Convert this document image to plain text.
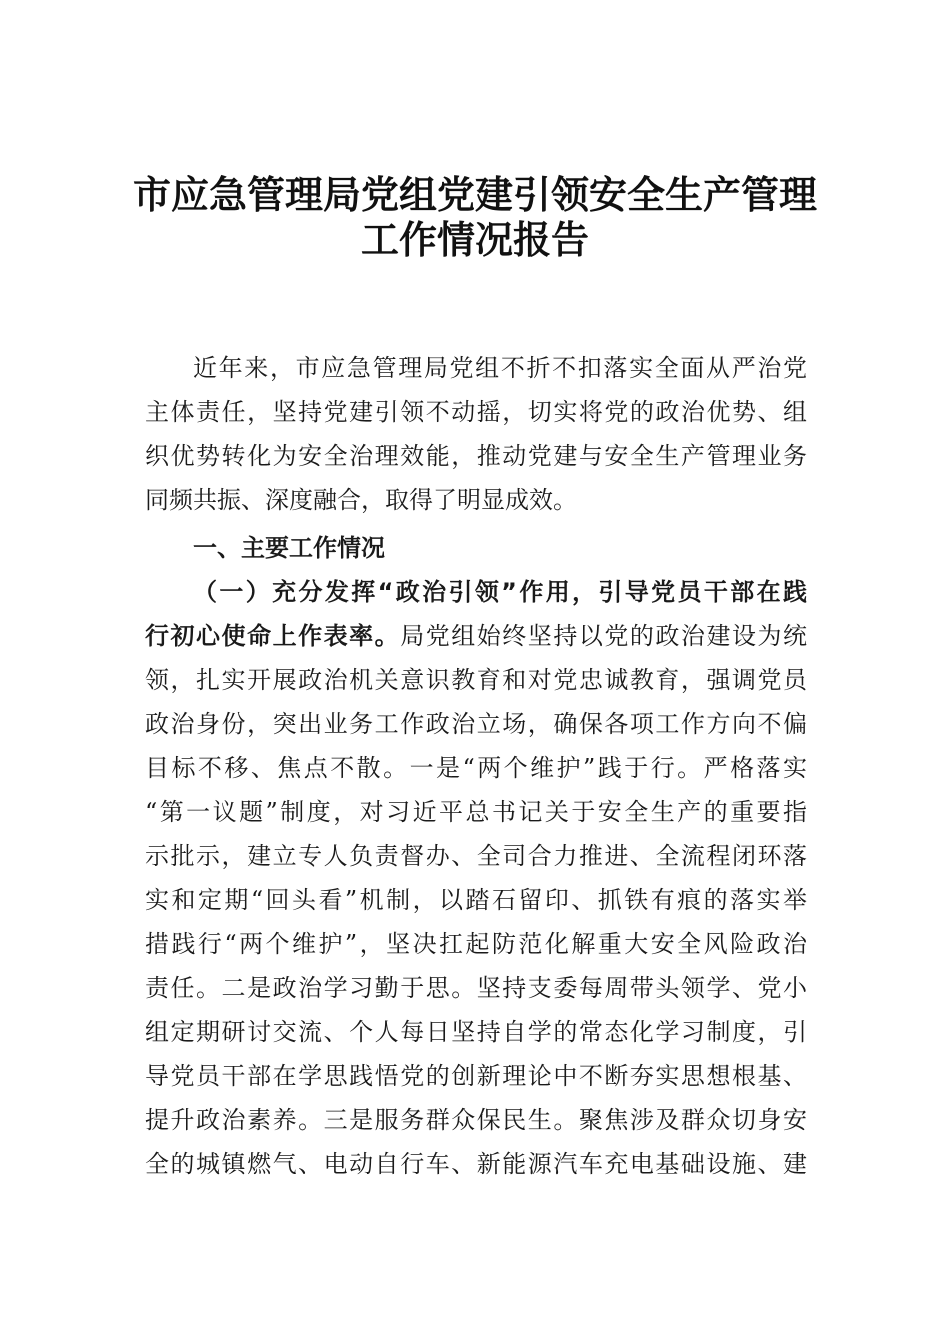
市应急管理局党组党建引领安全生产管理
工作情况报告
近年来，市应急管理局党组不折不扣落实全面从严治党
主体责任，坚持党建引领不动摇，切实将党的政治优势、组
织优势转化为安全治理效能，推动党建与安全生产管理业务
同频共振、深度融合，取得了明显成效。
一、主要工作情况
（一）充分发挥“政治引领”作用，引导党员干部在践
行初心使命上作表率。局党组始终坚持以党的政治建设为统
领，扎实开展政治机关意识教育和对党忠诚教育，强调党员
政治身份，突出业务工作政治立场，确保各项工作方向不偏
目标不移、焦点不散。一是“两个维护”践于行。严格落实
“第一议题”制度，对习近平总书记关于安全生产的重要指
示批示，建立专人负责督办、全司合力推进、全流程闭环落
实和定期“回头看”机制，以踏石留印、抓铁有痕的落实举
措践行“两个维护”，坚决扛起防范化解重大安全风险政治
责任。二是政治学习勤于思。坚持支委每周带头领学、党小
组定期研讨交流、个人每日坚持自学的常态化学习制度，引
导党员干部在学思践悟党的创新理论中不断夯实思想根基、
提升政治素养。三是服务群众保民生。聚焦涉及群众切身安
全的城镇燃气、电动自行车、新能源汽车充电基础设施、建
